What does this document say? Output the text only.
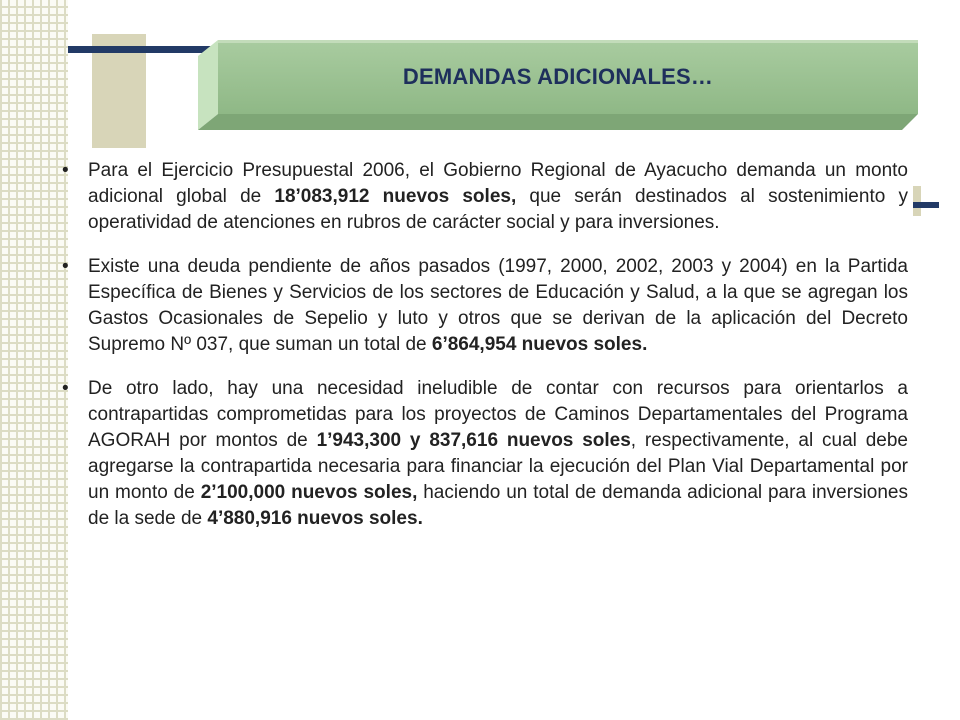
DEMANDAS ADICIONALES…
•	Para el Ejercicio Presupuestal 2006, el Gobierno Regional de Ayacucho demanda un monto adicional global de 18’083,912 nuevos soles, que serán destinados al sostenimiento y operatividad de atenciones en rubros de carácter social y para inversiones.
•	Existe una deuda pendiente de años pasados (1997, 2000, 2002, 2003 y 2004) en la Partida Específica de Bienes y Servicios de los sectores de Educación y Salud, a la que se agregan los Gastos Ocasionales de Sepelio y luto y otros que se derivan de la aplicación del Decreto Supremo Nº 037, que suman un total de 6’864,954 nuevos soles.
•	De otro lado, hay una necesidad ineludible de contar con recursos para orientarlos a contrapartidas comprometidas para los proyectos de Caminos Departamentales del Programa AGORAH por montos de 1’943,300 y 837,616 nuevos soles, respectivamente, al cual debe agregarse la contrapartida necesaria para financiar la ejecución del Plan Vial Departamental por un monto de 2’100,000 nuevos soles, haciendo un total de demanda adicional para inversiones de la sede de 4’880,916 nuevos soles.
